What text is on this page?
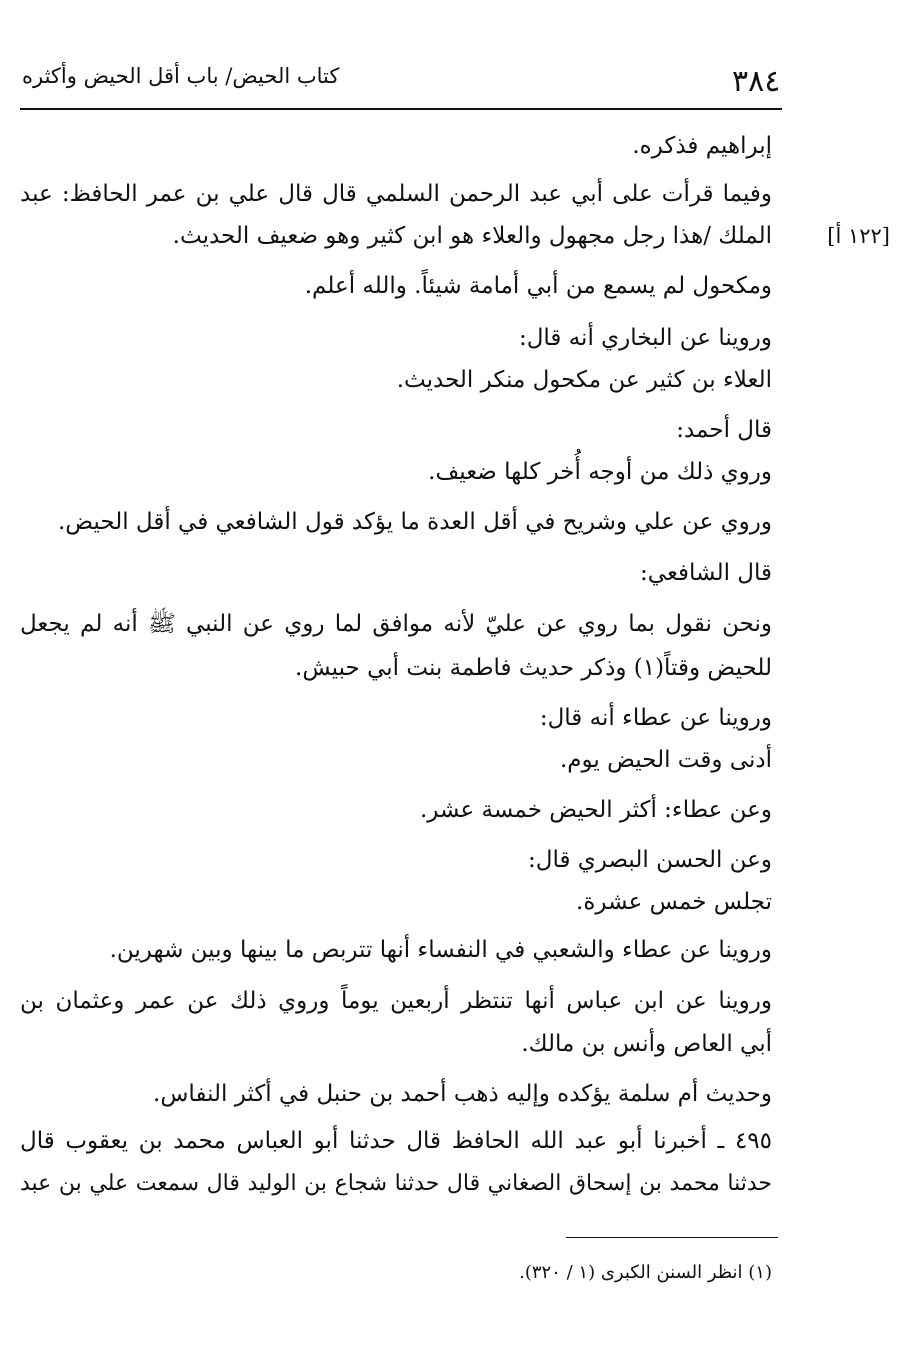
٣٨٤
كتاب الحيض/ باب أقل الحيض وأكثره

إبراهيم فذكره.

وفيما قرأت على أبي عبد الرحمن السلمي قال قال علي بن عمر الحافظ: عبد

الملك /هذا رجل مجهول والعلاء هو ابن كثير وهو ضعيف الحديث.

ومكحول لم يسمع من أبي أمامة شيئاً. والله أعلم.

وروينا عن البخاري أنه قال:

العلاء بن كثير عن مكحول منكر الحديث.

قال أحمد:

وروي ذلك من أوجه أُخر كلها ضعيف.

وروي عن علي وشريح في أقل العدة ما يؤكد قول الشافعي في أقل الحيض.

قال الشافعي:

ونحن نقول بما روي عن عليّ لأنه موافق لما روي عن النبي ﷺ أنه لم يجعل

للحيض وقتاً(١) وذكر حديث فاطمة بنت أبي حبيش.

وروينا عن عطاء أنه قال:

أدنى وقت الحيض يوم.

وعن عطاء: أكثر الحيض خمسة عشر.

وعن الحسن البصري قال:

تجلس خمس عشرة.

وروينا عن عطاء والشعبي في النفساء أنها تتربص ما بينها وبين شهرين.

وروينا عن ابن عباس أنها تنتظر أربعين يوماً وروي ذلك عن عمر وعثمان بن

أبي العاص وأنس بن مالك.

وحديث أم سلمة يؤكده وإليه ذهب أحمد بن حنبل في أكثر النفاس.

٤٩٥ ـ أخبرنا أبو عبد الله الحافظ قال حدثنا أبو العباس محمد بن يعقوب قال

حدثنا محمد بن إسحاق الصغاني قال حدثنا شجاع بن الوليد قال سمعت علي بن عبد

[١٢٢ أ]
(١) انظر السنن الكبرى (١ / ٣٢٠).
